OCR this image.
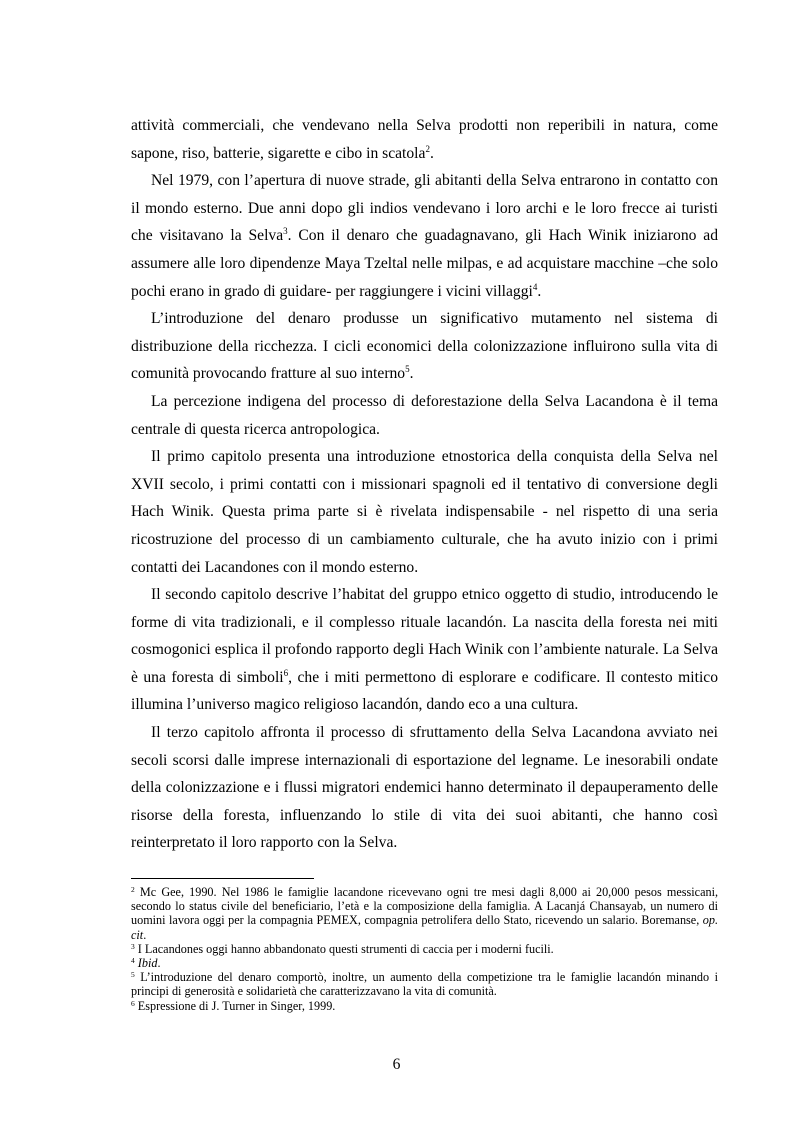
attività commerciali, che vendevano nella Selva prodotti non reperibili in natura, come sapone, riso, batterie, sigarette e cibo in scatola$^2$.

Nel 1979, con l’apertura di nuove strade, gli abitanti della Selva entrarono in contatto con il mondo esterno. Due anni dopo gli indios vendevano i loro archi e le loro frecce ai turisti che visitavano la Selva$^3$. Con il denaro che guadagnavano, gli Hach Winik iniziarono ad assumere alle loro dipendenze Maya Tzeltal nelle milpas, e ad acquistare macchine –che solo pochi erano in grado di guidare- per raggiungere i vicini villaggi$^4$.

L’introduzione del denaro produsse un significativo mutamento nel sistema di distribuzione della ricchezza. I cicli economici della colonizzazione influirono sulla vita di comunità provocando fratture al suo interno$^5$.

La percezione indigena del processo di deforestazione della Selva Lacandona è il tema centrale di questa ricerca antropologica.

Il primo capitolo presenta una introduzione etnostorica della conquista della Selva nel XVII secolo, i primi contatti con i missionari spagnoli ed il tentativo di conversione degli Hach Winik. Questa prima parte si è rivelata indispensabile - nel rispetto di una seria ricostruzione del processo di un cambiamento culturale, che ha avuto inizio con i primi contatti dei Lacandones con il mondo esterno.

Il secondo capitolo descrive l’habitat del gruppo etnico oggetto di studio, introducendo le forme di vita tradizionali, e il complesso rituale lacandón. La nascita della foresta nei miti cosmogonici esplica il profondo rapporto degli Hach Winik con l’ambiente naturale. La Selva è una foresta di simboli$^6$, che i miti permettono di esplorare e codificare. Il contesto mitico illumina l’universo magico religioso lacandón, dando eco a una cultura.

Il terzo capitolo affronta il processo di sfruttamento della Selva Lacandona avviato nei secoli scorsi dalle imprese internazionali di esportazione del legname. Le inesorabili ondate della colonizzazione e i flussi migratori endemici hanno determinato il depauperamento delle risorse della foresta, influenzando lo stile di vita dei suoi abitanti, che hanno così reinterpretato il loro rapporto con la Selva.

$^2$ Mc Gee, 1990. Nel 1986 le famiglie lacandone ricevevano ogni tre mesi dagli 8,000 ai 20,000 pesos messicani, secondo lo status civile del beneficiario, l’età e la composizione della famiglia. A Lacanjá Chansayab, un numero di uomini lavora oggi per la compagnia PEMEX, compagnia petrolifera dello Stato, ricevendo un salario. Boremanse, op. cit.

$^3$ I Lacandones oggi hanno abbandonato questi strumenti di caccia per i moderni fucili.

$^4$ Ibid.

$^5$ L’introduzione del denaro comportò, inoltre, un aumento della competizione tra le famiglie lacandón minando i principi di generosità e solidarietà che caratterizzavano la vita di comunità.

$^6$ Espressione di J. Turner in Singer, 1999.

6
